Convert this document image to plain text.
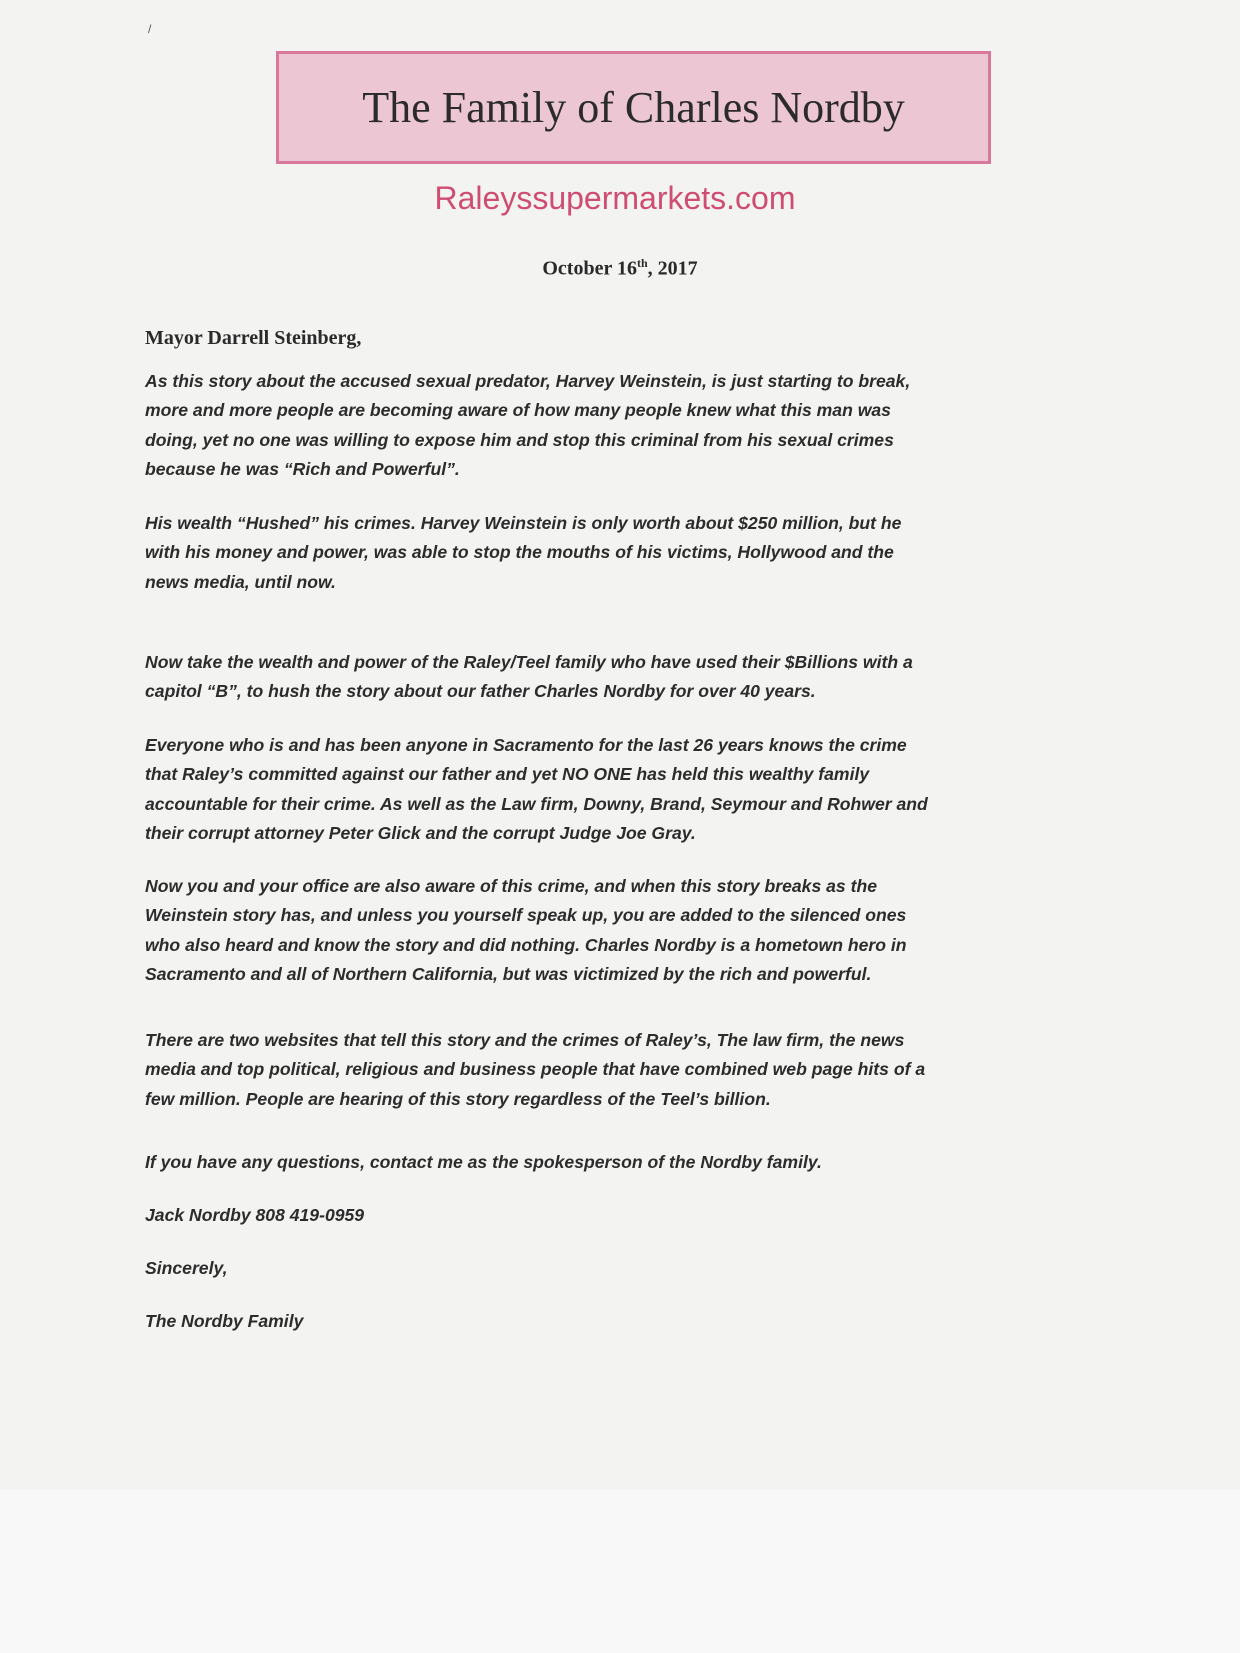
/
The Family of Charles Nordby
Raleyssupermarkets.com
October 16th, 2017
Mayor Darrell Steinberg,
As this story about the accused sexual predator, Harvey Weinstein, is just starting to break,
more and more people are becoming aware of how many people knew what this man was
doing, yet no one was willing to expose him and stop this criminal from his sexual crimes
because he was “Rich and Powerful”.
His wealth “Hushed” his crimes. Harvey Weinstein is only worth about $250 million, but he
with his money and power, was able to stop the mouths of his victims, Hollywood and the
news media, until now.
Now take the wealth and power of the Raley/Teel family who have used their $Billions with a
capitol “B”, to hush the story about our father Charles Nordby for over 40 years.
Everyone who is and has been anyone in Sacramento for the last 26 years knows the crime
that Raley’s committed against our father and yet NO ONE has held this wealthy family
accountable for their crime. As well as the Law firm, Downy, Brand, Seymour and Rohwer and
their corrupt attorney Peter Glick and the corrupt Judge Joe Gray.
Now you and your office are also aware of this crime, and when this story breaks as the
Weinstein story has, and unless you yourself speak up, you are added to the silenced ones
who also heard and know the story and did nothing. Charles Nordby is a hometown hero in
Sacramento and all of Northern California, but was victimized by the rich and powerful.
There are two websites that tell this story and the crimes of Raley’s, The law firm, the news
media and top political, religious and business people that have combined web page hits of a
few million. People are hearing of this story regardless of the Teel’s billion.
If you have any questions, contact me as the spokesperson of the Nordby family.
Jack Nordby 808 419-0959
Sincerely,
The Nordby Family
